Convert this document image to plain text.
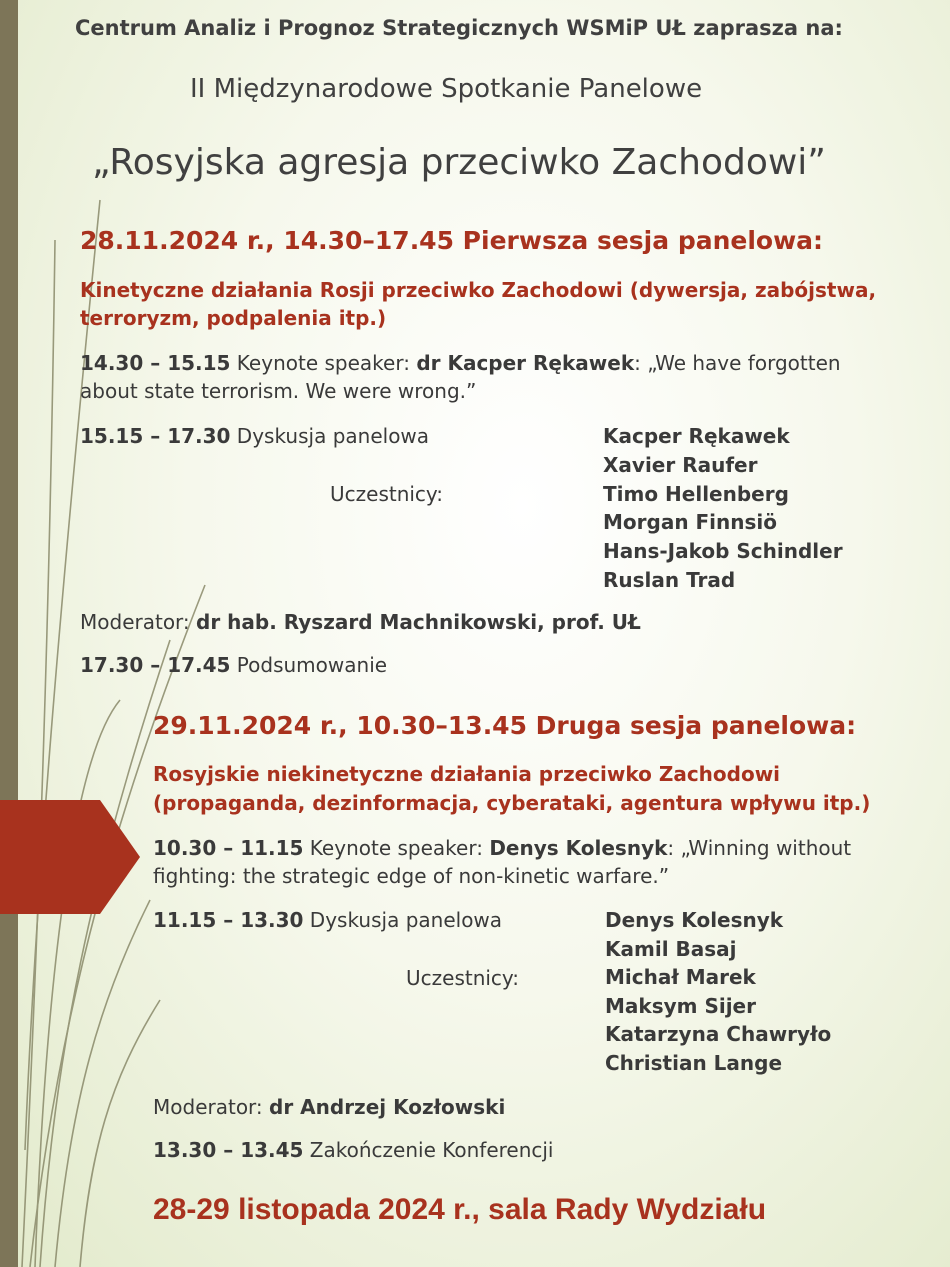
Centrum Analiz i Prognoz Strategicznych WSMiP UŁ zaprasza na:
II Międzynarodowe Spotkanie Panelowe
„Rosyjska agresja przeciwko Zachodowi”
28.11.2024 r., 14.30–17.45 Pierwsza sesja panelowa:
Kinetyczne działania Rosji przeciwko Zachodowi (dywersja, zabójstwa,
terroryzm, podpalenia itp.)
14.30 – 15.15 Keynote speaker: dr Kacper Rękawek: „We have forgotten
about state terrorism. We were wrong.”
15.15 – 17.30 Dyskusja panelowa
Uczestnicy:
Kacper Rękawek
Xavier Raufer
Timo Hellenberg
Morgan Finnsiö
Hans-Jakob Schindler
Ruslan Trad
Moderator: dr hab. Ryszard Machnikowski, prof. UŁ
17.30 – 17.45 Podsumowanie
29.11.2024 r., 10.30–13.45 Druga sesja panelowa:
Rosyjskie niekinetyczne działania przeciwko Zachodowi
(propaganda, dezinformacja, cyberataki, agentura wpływu itp.)
10.30 – 11.15 Keynote speaker: Denys Kolesnyk: „Winning without
fighting: the strategic edge of non-kinetic warfare.”
11.15 – 13.30 Dyskusja panelowa
Uczestnicy:
Denys Kolesnyk
Kamil Basaj
Michał Marek
Maksym Sijer
Katarzyna Chawryło
Christian Lange
Moderator: dr Andrzej Kozłowski
13.30 – 13.45 Zakończenie Konferencji
28-29 listopada 2024 r., sala Rady Wydziału
